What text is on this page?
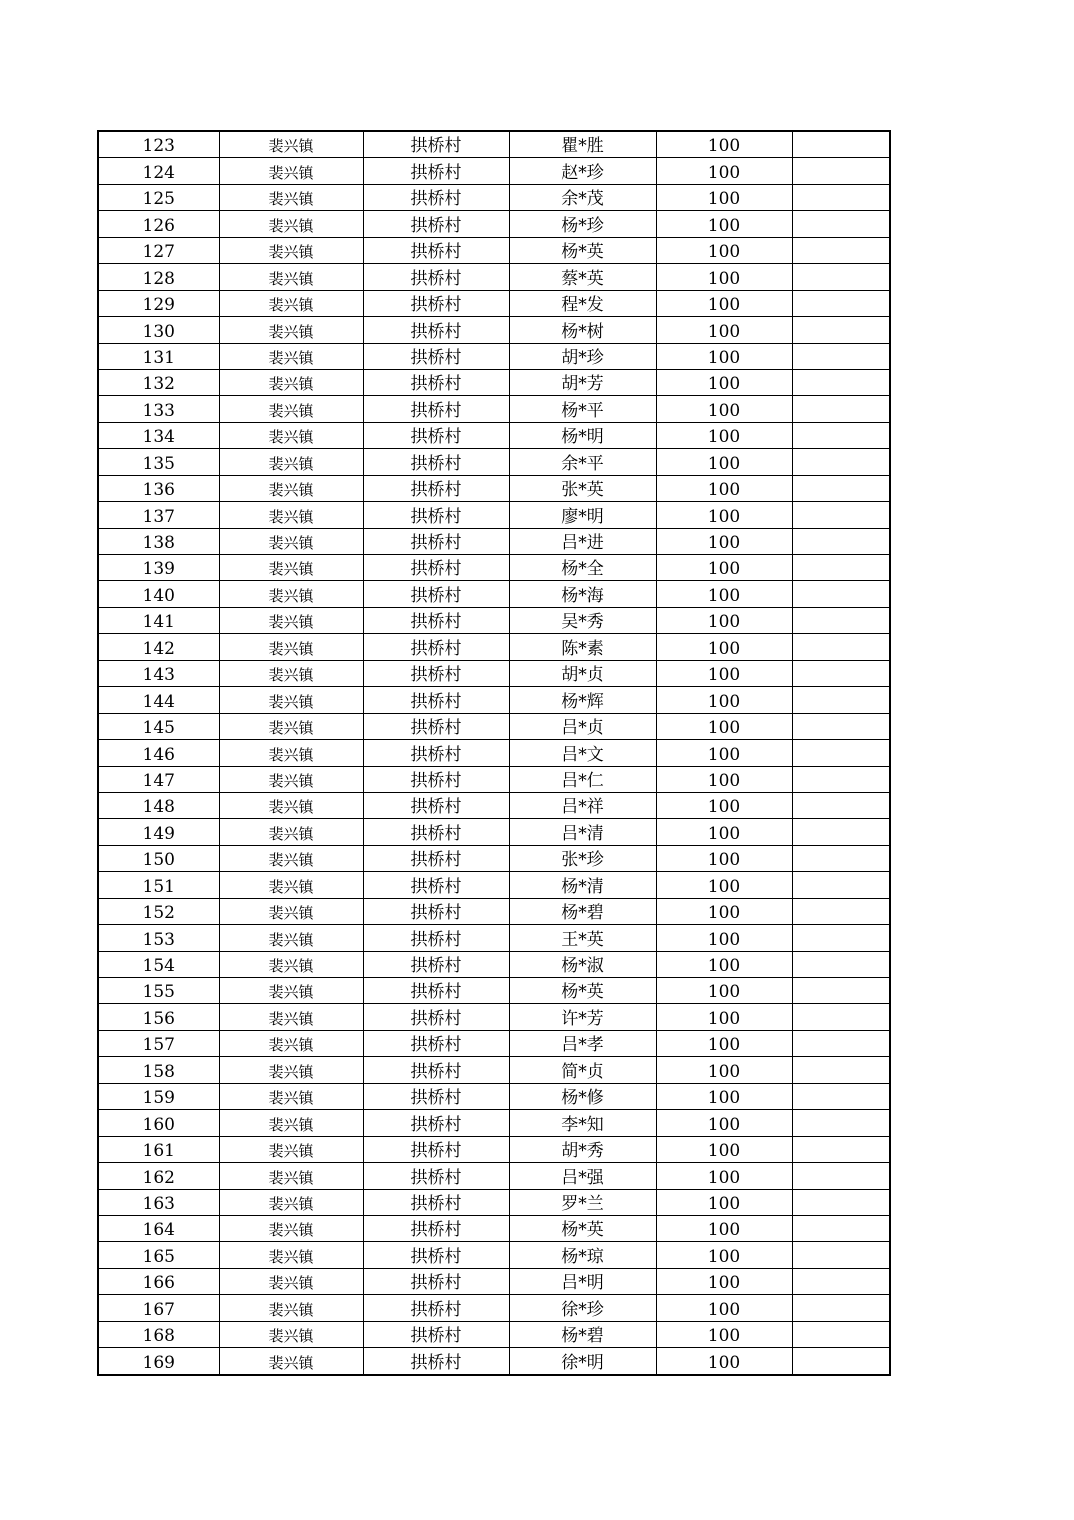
123	裴兴镇	拱桥村	瞿*胜	100	
124	裴兴镇	拱桥村	赵*珍	100	
125	裴兴镇	拱桥村	余*茂	100	
126	裴兴镇	拱桥村	杨*珍	100	
127	裴兴镇	拱桥村	杨*英	100	
128	裴兴镇	拱桥村	蔡*英	100	
129	裴兴镇	拱桥村	程*发	100	
130	裴兴镇	拱桥村	杨*树	100	
131	裴兴镇	拱桥村	胡*珍	100	
132	裴兴镇	拱桥村	胡*芳	100	
133	裴兴镇	拱桥村	杨*平	100	
134	裴兴镇	拱桥村	杨*明	100	
135	裴兴镇	拱桥村	余*平	100	
136	裴兴镇	拱桥村	张*英	100	
137	裴兴镇	拱桥村	廖*明	100	
138	裴兴镇	拱桥村	吕*进	100	
139	裴兴镇	拱桥村	杨*全	100	
140	裴兴镇	拱桥村	杨*海	100	
141	裴兴镇	拱桥村	吴*秀	100	
142	裴兴镇	拱桥村	陈*素	100	
143	裴兴镇	拱桥村	胡*贞	100	
144	裴兴镇	拱桥村	杨*辉	100	
145	裴兴镇	拱桥村	吕*贞	100	
146	裴兴镇	拱桥村	吕*文	100	
147	裴兴镇	拱桥村	吕*仁	100	
148	裴兴镇	拱桥村	吕*祥	100	
149	裴兴镇	拱桥村	吕*清	100	
150	裴兴镇	拱桥村	张*珍	100	
151	裴兴镇	拱桥村	杨*清	100	
152	裴兴镇	拱桥村	杨*碧	100	
153	裴兴镇	拱桥村	王*英	100	
154	裴兴镇	拱桥村	杨*淑	100	
155	裴兴镇	拱桥村	杨*英	100	
156	裴兴镇	拱桥村	许*芳	100	
157	裴兴镇	拱桥村	吕*孝	100	
158	裴兴镇	拱桥村	简*贞	100	
159	裴兴镇	拱桥村	杨*修	100	
160	裴兴镇	拱桥村	李*知	100	
161	裴兴镇	拱桥村	胡*秀	100	
162	裴兴镇	拱桥村	吕*强	100	
163	裴兴镇	拱桥村	罗*兰	100	
164	裴兴镇	拱桥村	杨*英	100	
165	裴兴镇	拱桥村	杨*琼	100	
166	裴兴镇	拱桥村	吕*明	100	
167	裴兴镇	拱桥村	徐*珍	100	
168	裴兴镇	拱桥村	杨*碧	100	
169	裴兴镇	拱桥村	徐*明	100	
